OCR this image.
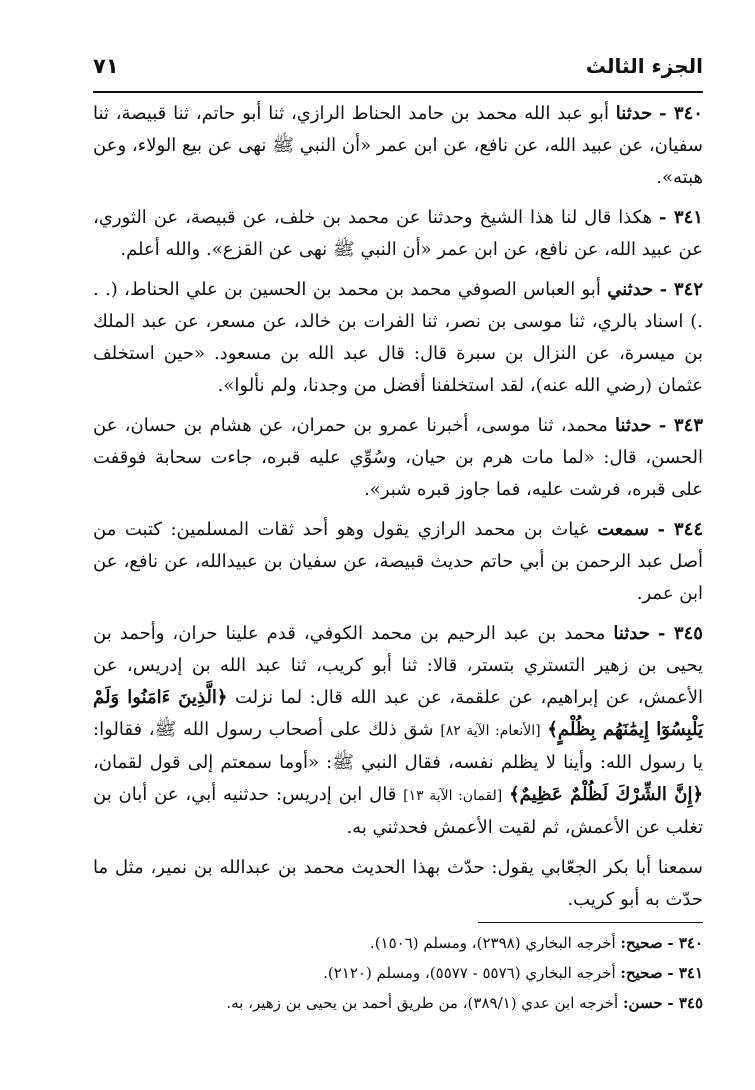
الجزء الثالث
٧١

٣٤٠ - حدثنا أبو عبد الله محمد بن حامد الحناط الرازي، ثنا أبو حاتم، ثنا قبيصة، ثنا سفيان، عن عبيد الله، عن نافع، عن ابن عمر «أن النبي ﷺ نهى عن بيع الولاء، وعن هبته».

٣٤١ - هكذا قال لنا هذا الشيخ وحدثنا عن محمد بن خلف، عن قبيصة، عن الثوري، عن عبيد الله، عن نافع، عن ابن عمر «أن النبي ﷺ نهى عن القزع». والله أعلم.

٣٤٢ - حدثني أبو العباس الصوفي محمد بن محمد بن الحسين بن علي الحناط، (. . .) اسناد بالري، ثنا موسى بن نصر، ثنا الفرات بن خالد، عن مسعر، عن عبد الملك بن ميسرة، عن النزال بن سبرة قال: قال عبد الله بن مسعود. «حين استخلف عثمان (رضي الله عنه)، لقد استخلفنا أفضل من وجدنا، ولم نألوا».

٣٤٣ - حدثنا محمد، ثنا موسى، أخبرنا عمرو بن حمران، عن هشام بن حسان، عن الحسن، قال: «لما مات هرم بن حيان، وسُوِّي عليه قبره، جاءت سحابة فوقفت على قبره، فرشت عليه، فما جاوز قبره شبر».

٣٤٤ - سمعت غياث بن محمد الرازي يقول وهو أحد ثقات المسلمين: كتبت من أصل عبد الرحمن بن أبي حاتم حديث قبيصة، عن سفيان بن عبيدالله، عن نافع، عن ابن عمر.

٣٤٥ - حدثنا محمد بن عبد الرحيم بن محمد الكوفي، قدم علينا حران، وأحمد بن يحيى بن زهير التستري بتستر، قالا: ثنا أبو كريب، ثنا عبد الله بن إدريس، عن الأعمش، عن إبراهيم، عن علقمة، عن عبد الله قال: لما نزلت ﴿الَّذِينَ ءَامَنُوا وَلَمْ يَلْبِسُوٓا إِيمَٰنَهُم بِظُلْمٍ﴾ [الأنعام: الآية ٨٢] شق ذلك على أصحاب رسول الله ﷺ، فقالوا: يا رسول الله: وأينا لا يظلم نفسه، فقال النبي ﷺ: «أوما سمعتم إلى قول لقمان، ﴿إِنَّ الشِّرْكَ لَظُلْمٌ عَظِيمٌ﴾ [لقمان: الآية ١٣] قال ابن إدريس: حدثنيه أبي، عن أبان بن تغلب عن الأعمش، ثم لقيت الأعمش فحدثني به.

سمعنا أبا بكر الجعّابي يقول: حدّث بهذا الحديث محمد بن عبدالله بن نمير، مثل ما حدّث به أبو كريب.

٣٤٠ - صحيح: أخرجه البخاري (٢٣٩٨)، ومسلم (١٥٠٦).

٣٤١ - صحيح: أخرجه البخاري (٥٥٧٦ - ٥٥٧٧)، ومسلم (٢١٢٠).

٣٤٥ - حسن: أخرجه ابن عدي (٣٨٩/١)، من طريق أحمد بن يحيى بن زهير، به.
